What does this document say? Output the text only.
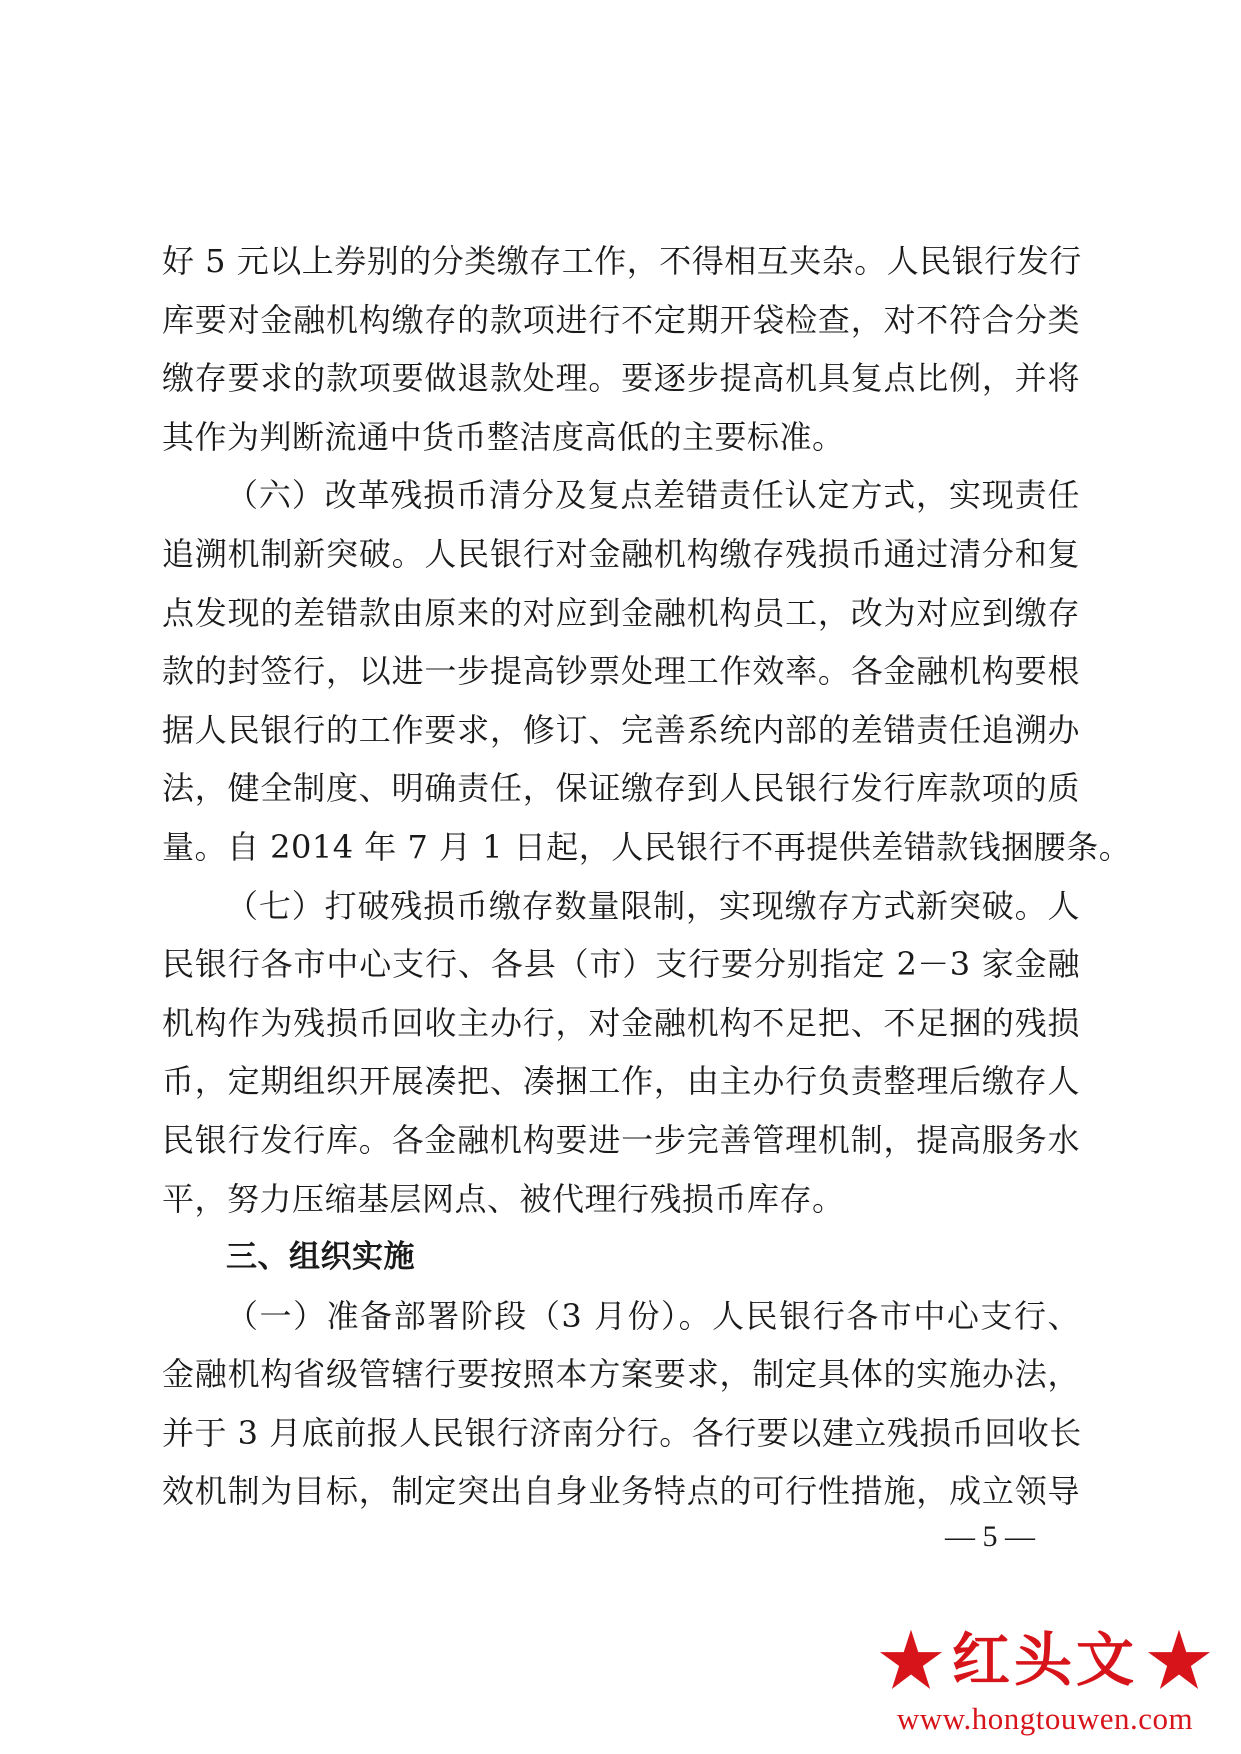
好 5 元以上券别的分类缴存工作，不得相互夹杂。人民银行发行
库要对金融机构缴存的款项进行不定期开袋检查，对不符合分类
缴存要求的款项要做退款处理。要逐步提高机具复点比例，并将
其作为判断流通中货币整洁度高低的主要标准。
（六）改革残损币清分及复点差错责任认定方式，实现责任
追溯机制新突破。人民银行对金融机构缴存残损币通过清分和复
点发现的差错款由原来的对应到金融机构员工，改为对应到缴存
款的封签行，以进一步提高钞票处理工作效率。各金融机构要根
据人民银行的工作要求，修订、完善系统内部的差错责任追溯办
法，健全制度、明确责任，保证缴存到人民银行发行库款项的质
量。自 2014 年 7 月 1 日起，人民银行不再提供差错款钱捆腰条。
（七）打破残损币缴存数量限制，实现缴存方式新突破。人
民银行各市中心支行、各县（市）支行要分别指定 2－3 家金融
机构作为残损币回收主办行，对金融机构不足把、不足捆的残损
币，定期组织开展凑把、凑捆工作，由主办行负责整理后缴存人
民银行发行库。各金融机构要进一步完善管理机制，提高服务水
平，努力压缩基层网点、被代理行残损币库存。
三、组织实施
（一）准备部署阶段（3 月份）。人民银行各市中心支行、
金融机构省级管辖行要按照本方案要求，制定具体的实施办法，
并于 3 月底前报人民银行济南分行。各行要以建立残损币回收长
效机制为目标，制定突出自身业务特点的可行性措施，成立领导
— 5 —
红头文
www.hongtouwen.com
